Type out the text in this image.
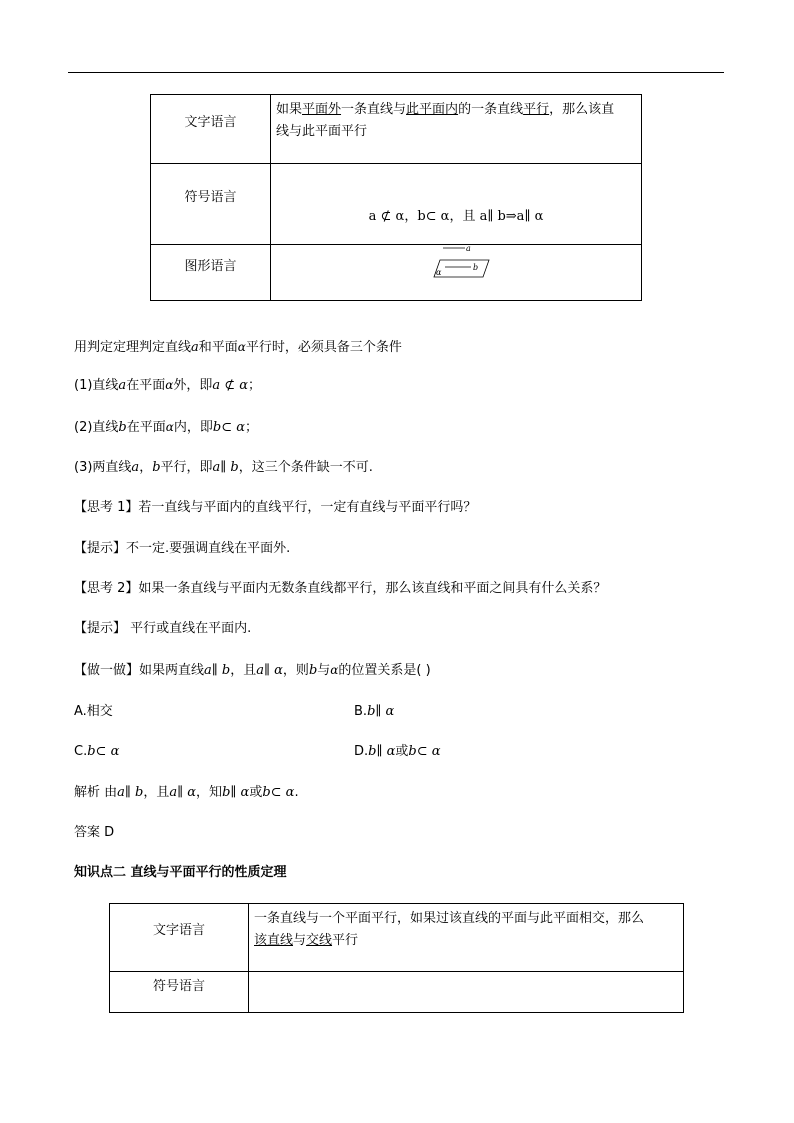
文字语言	如果平面外一条直线与此平面内的一条直线平行，那么该直
线与此平面平行
符号语言	a ⊄ α，b⊂ α，且 a∥ b⇒a∥ α
图形语言	a
b
α
用判定定理判定直线a和平面α平行时，必须具备三个条件
(1)直线a在平面α外，即a ⊄ α；
(2)直线b在平面α内，即b⊂ α；
(3)两直线a，b平行，即a∥ b，这三个条件缺一不可.
【思考 1】若一直线与平面内的直线平行，一定有直线与平面平行吗？
【提示】不一定.要强调直线在平面外.
【思考 2】如果一条直线与平面内无数条直线都平行，那么该直线和平面之间具有什么关系？
【提示】 平行或直线在平面内.
【做一做】如果两直线a∥ b，且a∥ α，则b与α的位置关系是( )
A.相交	B.b∥ α
C.b⊂ α	D.b∥ α或b⊂ α
解析 由a∥ b，且a∥ α，知b∥ α或b⊂ α.
答案 D
知识点二 直线与平面平行的性质定理
文字语言	一条直线与一个平面平行，如果过该直线的平面与此平面相交，那么
该直线与交线平行
符号语言	
